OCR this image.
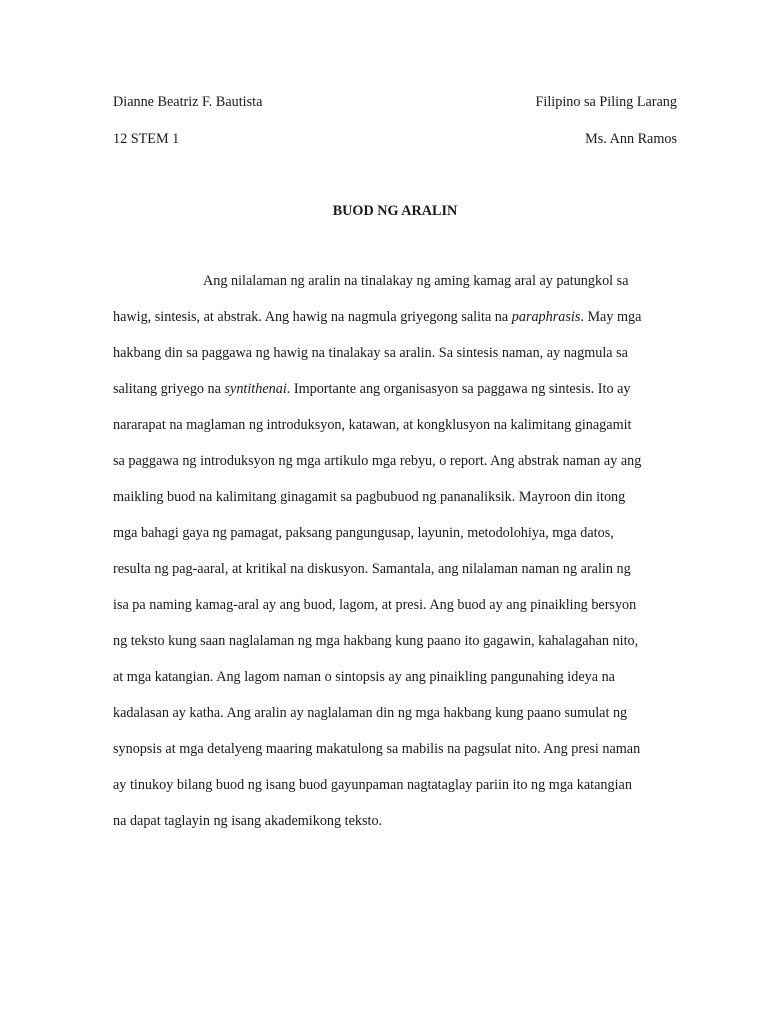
Dianne Beatriz F. Bautista	Filipino sa Piling Larang
12 STEM 1	Ms. Ann Ramos
BUOD NG ARALIN
Ang nilalaman ng aralin na tinalakay ng aming kamag aral ay patungkol sa
hawig, sintesis, at abstrak. Ang hawig na nagmula griyegong salita na paraphrasis. May mga
hakbang din sa paggawa ng hawig na tinalakay sa aralin. Sa sintesis naman, ay nagmula sa
salitang griyego na syntithenai. Importante ang organisasyon sa paggawa ng sintesis. Ito ay
nararapat na maglaman ng introduksyon, katawan, at kongklusyon na kalimitang ginagamit
sa paggawa ng introduksyon ng mga artikulo mga rebyu, o report. Ang abstrak naman ay ang
maikling buod na kalimitang ginagamit sa pagbubuod ng pananaliksik. Mayroon din itong
mga bahagi gaya ng pamagat, paksang pangungusap, layunin, metodolohiya, mga datos,
resulta ng pag-aaral, at kritikal na diskusyon. Samantala, ang nilalaman naman ng aralin ng
isa pa naming kamag-aral ay ang buod, lagom, at presi. Ang buod ay ang pinaikling bersyon
ng teksto kung saan naglalaman ng mga hakbang kung paano ito gagawin, kahalagahan nito,
at mga katangian. Ang lagom naman o sintopsis ay ang pinaikling pangunahing ideya na
kadalasan ay katha. Ang aralin ay naglalaman din ng mga hakbang kung paano sumulat ng
synopsis at mga detalyeng maaring makatulong sa mabilis na pagsulat nito. Ang presi naman
ay tinukoy bilang buod ng isang buod gayunpaman nagtataglay pariin ito ng mga katangian
na dapat taglayin ng isang akademikong teksto.
